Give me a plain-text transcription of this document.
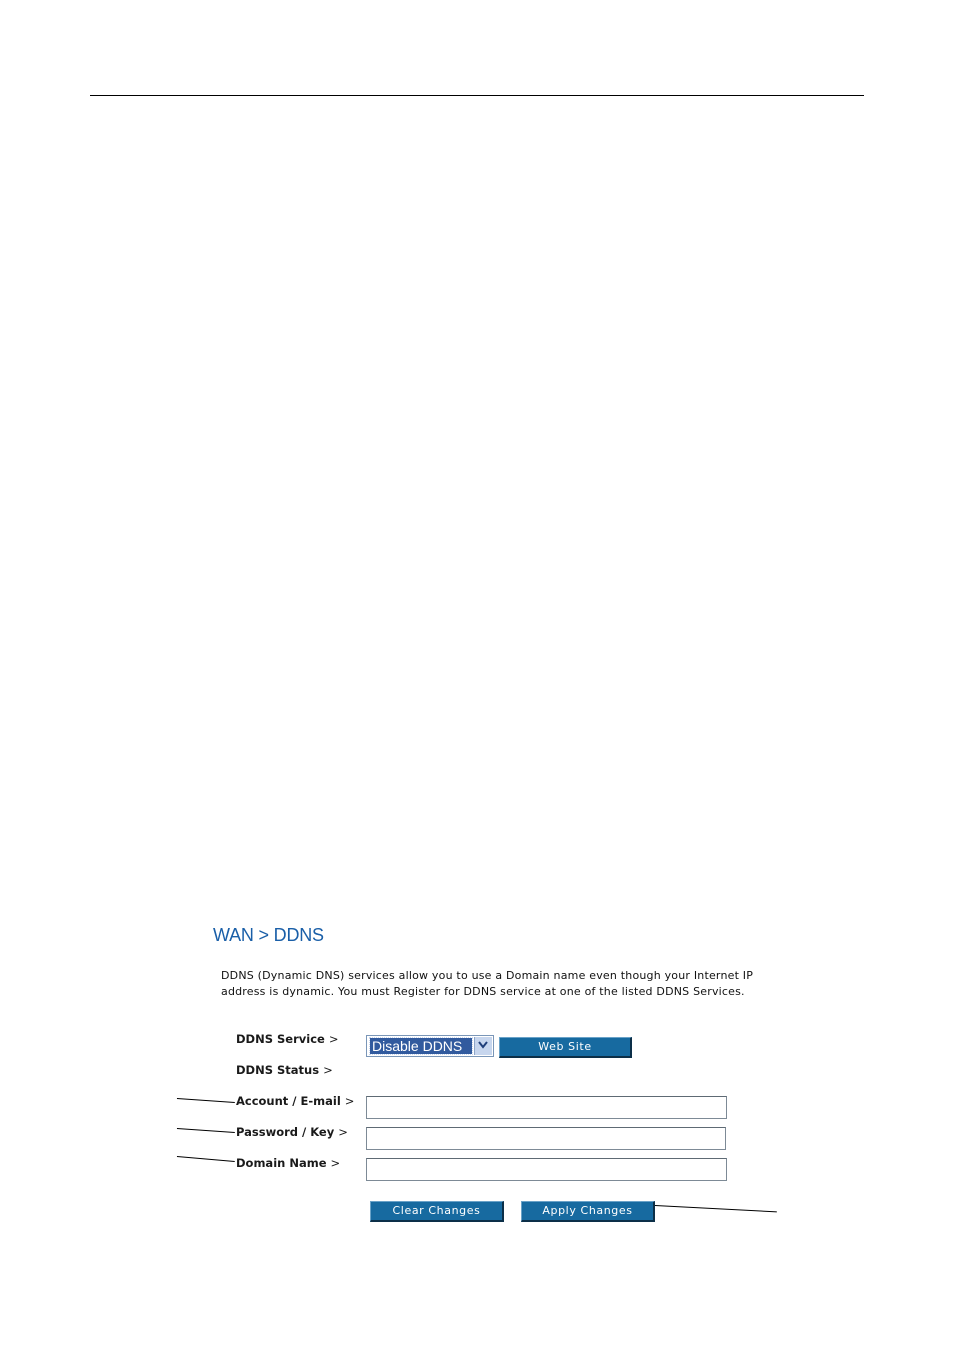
WAN > DDNS
DDNS (Dynamic DNS) services allow you to use a Domain name even though your Internet IP address is dynamic. You must Register for DDNS service at one of the listed DDNS Services.
DDNS Service > Disable DDNS	Web Site
DDNS Status >
Account / E-mail >
Password / Key >
Domain Name >
Clear Changes	Apply Changes
